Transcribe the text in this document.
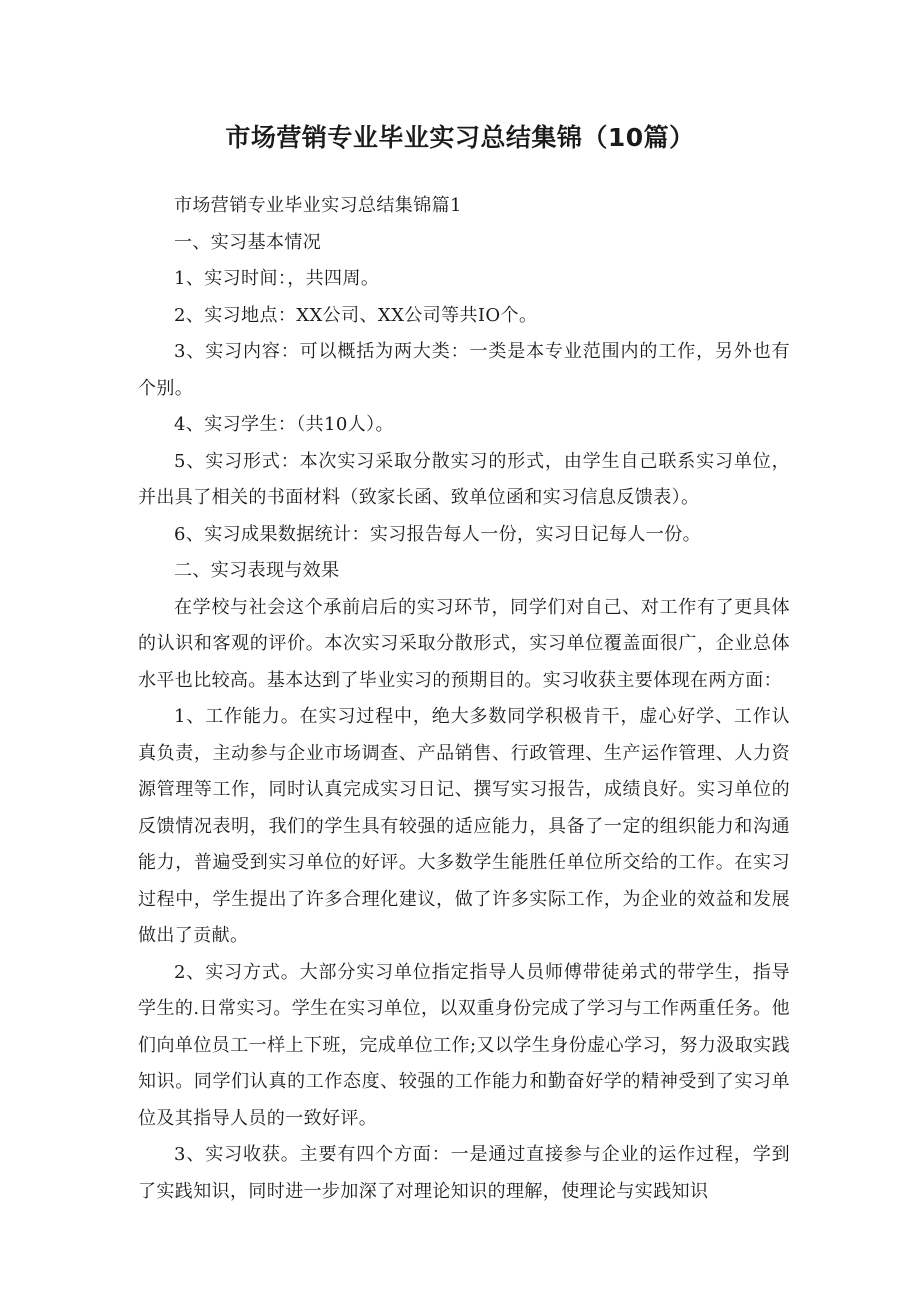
市场营销专业毕业实习总结集锦（10篇）

市场营销专业毕业实习总结集锦篇1

一、实习基本情况

1、实习时间：，共四周。

2、实习地点：XX公司、XX公司等共IO个。

3、实习内容：可以概括为两大类：一类是本专业范围内的工作，另外也有个别。

4、实习学生：（共10人）。

5、实习形式：本次实习采取分散实习的形式，由学生自己联系实习单位，并出具了相关的书面材料（致家长函、致单位函和实习信息反馈表）。

6、实习成果数据统计：实习报告每人一份，实习日记每人一份。

二、实习表现与效果

在学校与社会这个承前启后的实习环节，同学们对自己、对工作有了更具体的认识和客观的评价。本次实习采取分散形式，实习单位覆盖面很广，企业总体水平也比较高。基本达到了毕业实习的预期目的。实习收获主要体现在两方面：

1、工作能力。在实习过程中，绝大多数同学积极肯干，虚心好学、工作认真负责，主动参与企业市场调查、产品销售、行政管理、生产运作管理、人力资源管理等工作，同时认真完成实习日记、撰写实习报告，成绩良好。实习单位的反馈情况表明，我们的学生具有较强的适应能力，具备了一定的组织能力和沟通能力，普遍受到实习单位的好评。大多数学生能胜任单位所交给的工作。在实习过程中，学生提出了许多合理化建议，做了许多实际工作，为企业的效益和发展做出了贡献。

2、实习方式。大部分实习单位指定指导人员师傅带徒弟式的带学生，指导学生的.日常实习。学生在实习单位，以双重身份完成了学习与工作两重任务。他们向单位员工一样上下班，完成单位工作;又以学生身份虚心学习，努力汲取实践知识。同学们认真的工作态度、较强的工作能力和勤奋好学的精神受到了实习单位及其指导人员的一致好评。

3、实习收获。主要有四个方面：一是通过直接参与企业的运作过程，学到了实践知识，同时进一步加深了对理论知识的理解，使理论与实践知识
